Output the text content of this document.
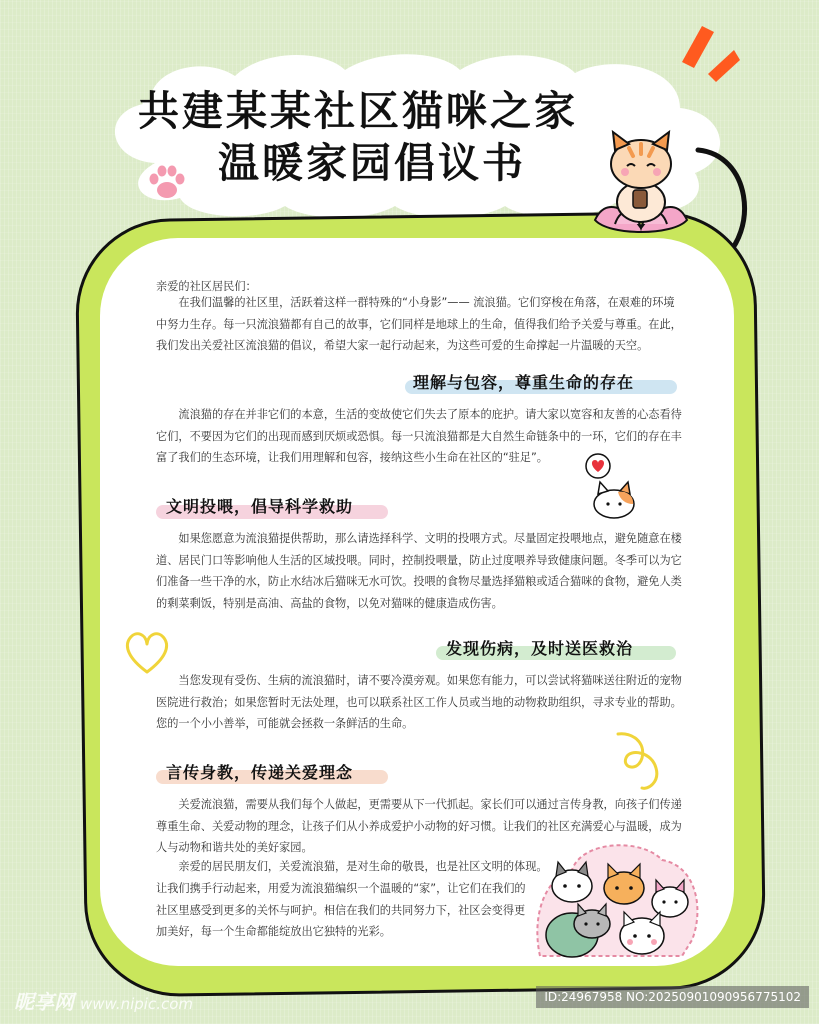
亲爱的社区居民们：

在我们温馨的社区里，活跃着这样一群特殊的“小身影”—— 流浪猫。它们穿梭在角落，在艰难的环境中努力生存。每一只流浪猫都有自己的故事，它们同样是地球上的生命，值得我们给予关爱与尊重。在此，我们发出关爱社区流浪猫的倡议，希望大家一起行动起来，为这些可爱的生命撑起一片温暖的天空。

理解与包容，尊重生命的存在

流浪猫的存在并非它们的本意，生活的变故使它们失去了原本的庇护。请大家以宽容和友善的心态看待它们，不要因为它们的出现而感到厌烦或恐惧。每一只流浪猫都是大自然生命链条中的一环，它们的存在丰富了我们的生态环境，让我们用理解和包容，接纳这些小生命在社区的“驻足”。

文明投喂，倡导科学救助

如果您愿意为流浪猫提供帮助，那么请选择科学、文明的投喂方式。尽量固定投喂地点，避免随意在楼道、居民门口等影响他人生活的区域投喂。同时，控制投喂量，防止过度喂养导致健康问题。冬季可以为它们准备一些干净的水，防止水结冰后猫咪无水可饮。投喂的食物尽量选择猫粮或适合猫咪的食物，避免人类的剩菜剩饭，特别是高油、高盐的食物，以免对猫咪的健康造成伤害。

发现伤病，及时送医救治

当您发现有受伤、生病的流浪猫时，请不要冷漠旁观。如果您有能力，可以尝试将猫咪送往附近的宠物医院进行救治；如果您暂时无法处理，也可以联系社区工作人员或当地的动物救助组织，寻求专业的帮助。您的一个小小善举，可能就会拯救一条鲜活的生命。

言传身教，传递关爱理念

关爱流浪猫，需要从我们每个人做起，更需要从下一代抓起。家长们可以通过言传身教，向孩子们传递尊重生命、关爱动物的理念，让孩子们从小养成爱护小动物的好习惯。让我们的社区充满爱心与温暖，成为人与动物和谐共处的美好家园。

亲爱的居民朋友们，关爱流浪猫，是对生命的敬畏，也是社区文明的体现。

让我们携手行动起来，用爱为流浪猫编织一个温暖的“家”，让它们在我们的社区里感受到更多的关怀与呵护。相信在我们的共同努力下，社区会变得更加美好，每一个生命都能绽放出它独特的光彩。

共建某某社区猫咪之家
温暖家园倡议书
昵享网 www.nipic.com	ID:24967958 NO:20250901090956775102
